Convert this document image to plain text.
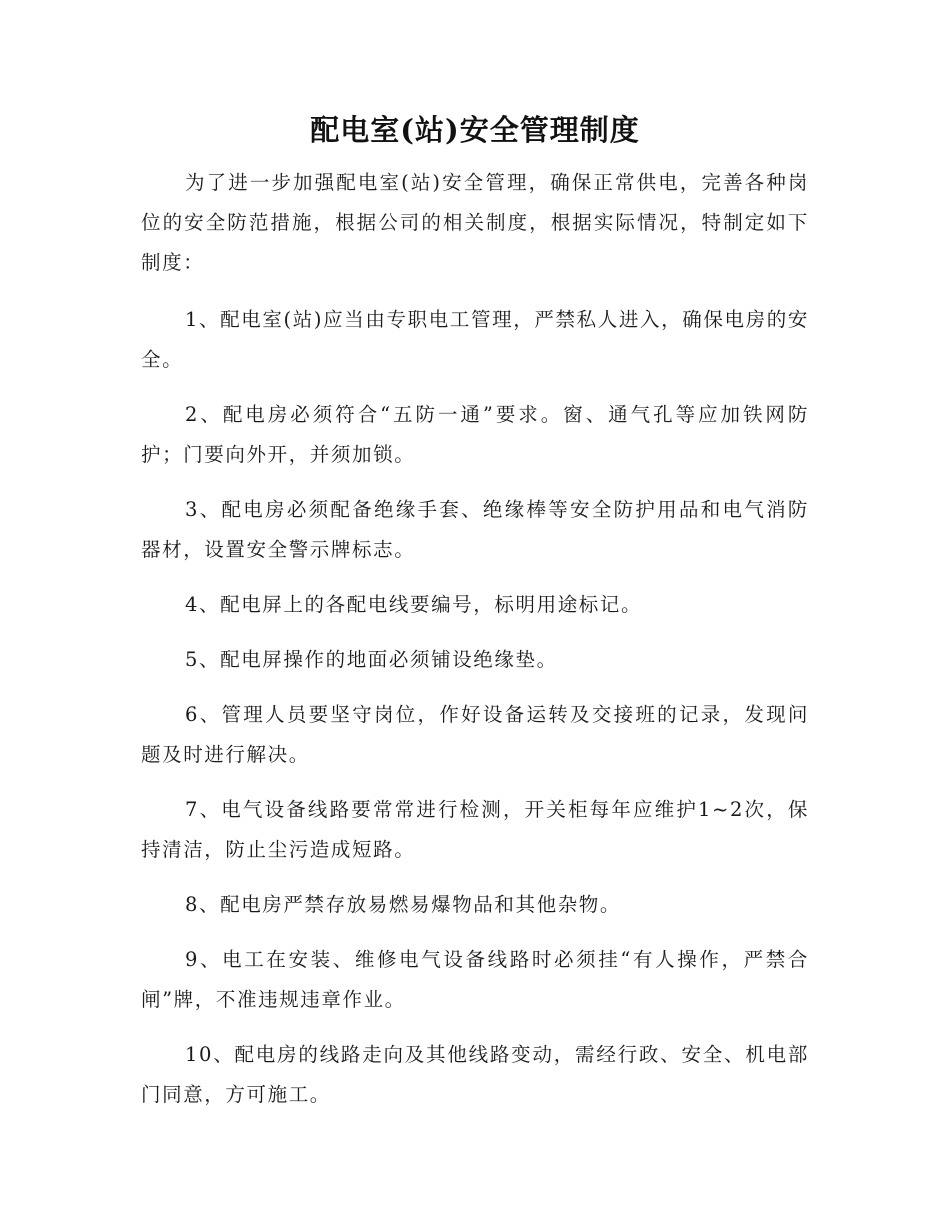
配电室(站)安全管理制度

为了进一步加强配电室(站)安全管理，确保正常供电，完善各种岗位的安全防范措施，根据公司的相关制度，根据实际情况，特制定如下制度：

1、配电室(站)应当由专职电工管理，严禁私人进入，确保电房的安全。

2、配电房必须符合“五防一通”要求。窗、通气孔等应加铁网防护；门要向外开，并须加锁。

3、配电房必须配备绝缘手套、绝缘棒等安全防护用品和电气消防器材，设置安全警示牌标志。

4、配电屏上的各配电线要编号，标明用途标记。

5、配电屏操作的地面必须铺设绝缘垫。

6、管理人员要坚守岗位，作好设备运转及交接班的记录，发现问题及时进行解决。

7、电气设备线路要常常进行检测，开关柜每年应维护1~2次，保持清洁，防止尘污造成短路。

8、配电房严禁存放易燃易爆物品和其他杂物。

9、电工在安装、维修电气设备线路时必须挂“有人操作，严禁合闸”牌，不准违规违章作业。

10、配电房的线路走向及其他线路变动，需经行政、安全、机电部门同意，方可施工。
